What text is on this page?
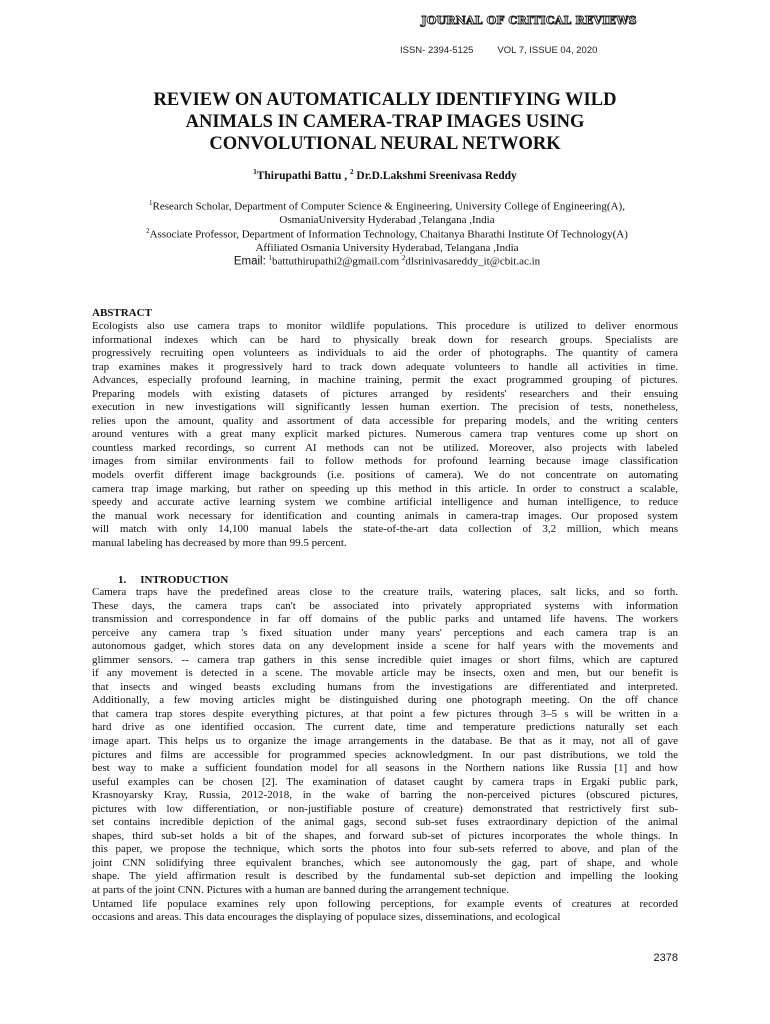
JOURNAL OF CRITICAL REVIEWS
ISSN- 2394-5125	VOL 7, ISSUE 04, 2020
REVIEW ON AUTOMATICALLY IDENTIFYING WILD
ANIMALS IN CAMERA-TRAP IMAGES USING
CONVOLUTIONAL NEURAL NETWORK
$^1$Thirupathi Battu , $^2$ Dr.D.Lakshmi Sreenivasa Reddy
$^1$Research Scholar, Department of Computer Science & Engineering, University College of Engineering(A),
OsmaniaUniversity Hyderabad ,Telangana ,India
$^2$Associate Professor, Department of Information Technology, Chaitanya Bharathi Institute Of Technology(A)
Affiliated Osmania University Hyderabad, Telangana ,India
Email: $^1$battuthirupathi2@gmail.com $^2$dlsrinivasareddy_it@cbit.ac.in
ABSTRACT
Ecologists also use camera traps to monitor wildlife populations. This procedure is utilized to deliver enormous
informational indexes which can be hard to physically break down for research groups. Specialists are
progressively recruiting open volunteers as individuals to aid the order of photographs. The quantity of camera
trap examines makes it progressively hard to track down adequate volunteers to handle all activities in time.
Advances, especially profound learning, in machine training, permit the exact programmed grouping of pictures.
Preparing models with existing datasets of pictures arranged by residents' researchers and their ensuing
execution in new investigations will significantly lessen human exertion. The precision of tests, nonetheless,
relies upon the amount, quality and assortment of data accessible for preparing models, and the writing centers
around ventures with a great many explicit marked pictures. Numerous camera trap ventures come up short on
countless marked recordings, so current AI methods can not be utilized. Moreover, also projects with labeled
images from similar environments fail to follow methods for profound learning because image classification
models overfit different image backgrounds (i.e. positions of camera). We do not concentrate on automating
camera trap image marking, but rather on speeding up this method in this article. In order to construct a scalable,
speedy and accurate active learning system we combine artificial intelligence and human intelligence, to reduce
the manual work necessary for identification and counting animals in camera-trap images. Our proposed system
will match with only 14,100 manual labels the state-of-the-art data collection of 3,2 million, which means
manual labeling has decreased by more than 99.5 percent.
1. INTRODUCTION
Camera traps have the predefined areas close to the creature trails, watering places, salt licks, and so forth.
These days, the camera traps can't be associated into privately appropriated systems with information
transmission and correspondence in far off domains of the public parks and untamed life havens. The workers
perceive any camera trap 's fixed situation under many years' perceptions and each camera trap is an
autonomous gadget, which stores data on any development inside a scene for half years with the movements and
glimmer sensors. -- camera trap gathers in this sense incredible quiet images or short films, which are captured
if any movement is detected in a scene. The movable article may be insects, oxen and men, but our benefit is
that insects and winged beasts excluding humans from the investigations are differentiated and interpreted.
Additionally, a few moving articles might be distinguished during one photograph meeting. On the off chance
that camera trap stores despite everything pictures, at that point a few pictures through 3–5 s will be written in a
hard drive as one identified occasion. The current date, time and temperature predictions naturally set each
image apart. This helps us to organize the image arrangements in the database. Be that as it may, not all of gave
pictures and films are accessible for programmed species acknowledgment. In our past distributions, we told the
best way to make a sufficient foundation model for all seasons in the Northern nations like Russia [1] and how
useful examples can be chosen [2]. The examination of dataset caught by camera traps in Ergaki public park,
Krasnoyarsky Kray, Russia, 2012-2018, in the wake of barring the non-perceived pictures (obscured pictures,
pictures with low differentiation, or non-justifiable posture of creature) demonstrated that restrictively first sub-
set contains incredible depiction of the animal gags, second sub-set fuses extraordinary depiction of the animal
shapes, third sub-set holds a bit of the shapes, and forward sub-set of pictures incorporates the whole things. In
this paper, we propose the technique, which sorts the photos into four sub-sets referred to above, and plan of the
joint CNN solidifying three equivalent branches, which see autonomously the gag, part of shape, and whole
shape. The yield affirmation result is described by the fundamental sub-set depiction and impelling the looking
at parts of the joint CNN. Pictures with a human are banned during the arrangement technique.
Untamed life populace examines rely upon following perceptions, for example events of creatures at recorded
occasions and areas. This data encourages the displaying of populace sizes, disseminations, and ecological
2378
